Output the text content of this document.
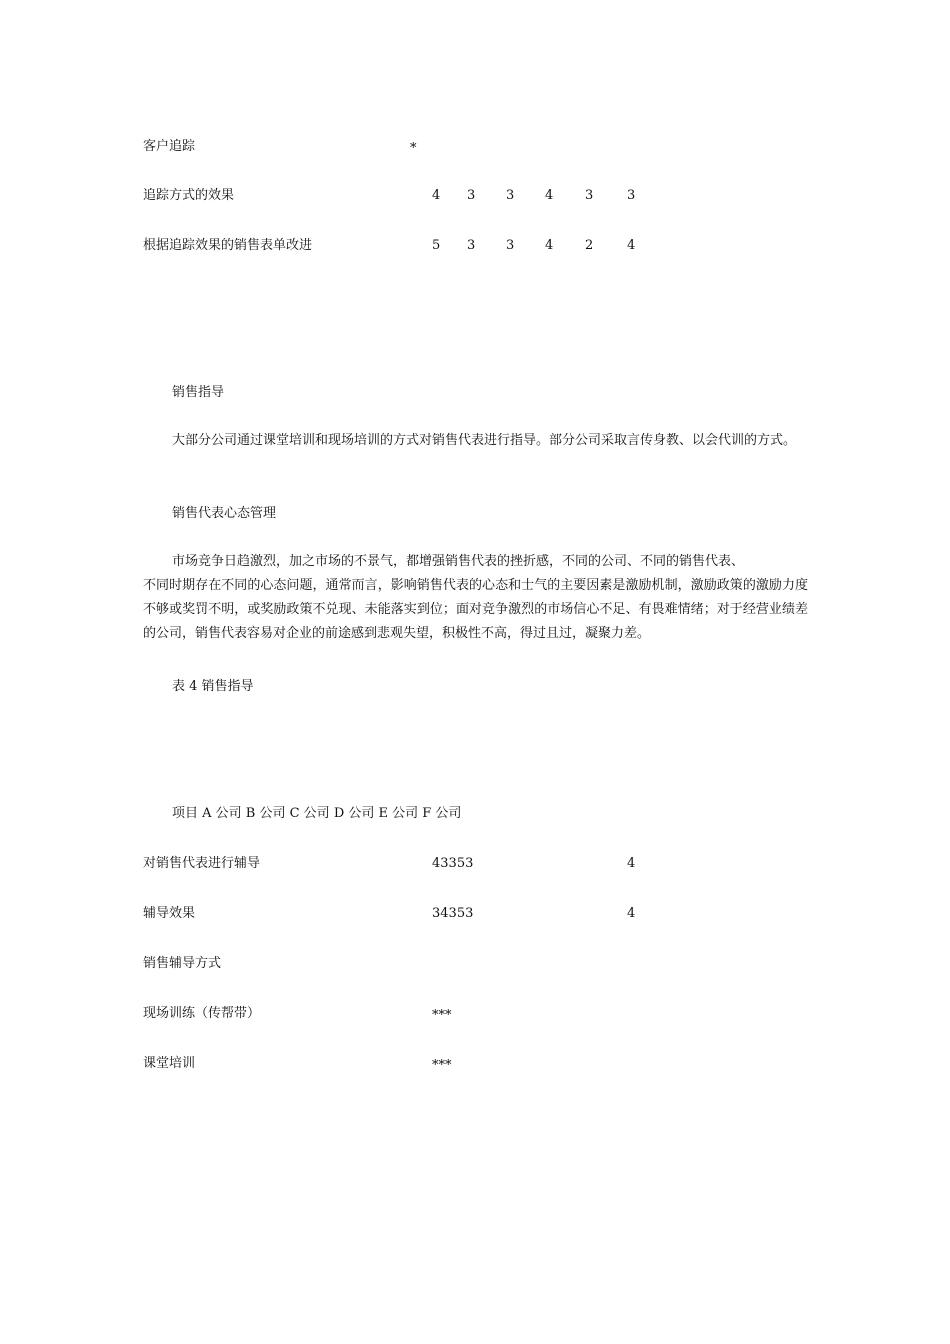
客户追踪	*
追踪方式的效果	4 3 3 4 3	3
根据追踪效果的销售表单改进	5 3 3 4 2	4
销售指导
大部分公司通过课堂培训和现场培训的方式对销售代表进行指导。部分公司采取言传身教、以会代训的方式。
销售代表心态管理
市场竞争日趋激烈，加之市场的不景气，都增强销售代表的挫折感，不同的公司、不同的销售代表、
不同时期存在不同的心态问题，通常而言，影响销售代表的心态和士气的主要因素是激励机制，激励政策的激励力度不够或奖罚不明，或奖励政策不兑现、未能落实到位；面对竞争激烈的市场信心不足、有畏难情绪；对于经营业绩差的公司，销售代表容易对企业的前途感到悲观失望，积极性不高，得过且过，凝聚力差。
表 4 销售指导
项目 A 公司 B 公司 C 公司 D 公司 E 公司 F 公司
对销售代表进行辅导	43353	4
辅导效果	34353	4
销售辅导方式
现场训练（传帮带）	***
课堂培训	***
